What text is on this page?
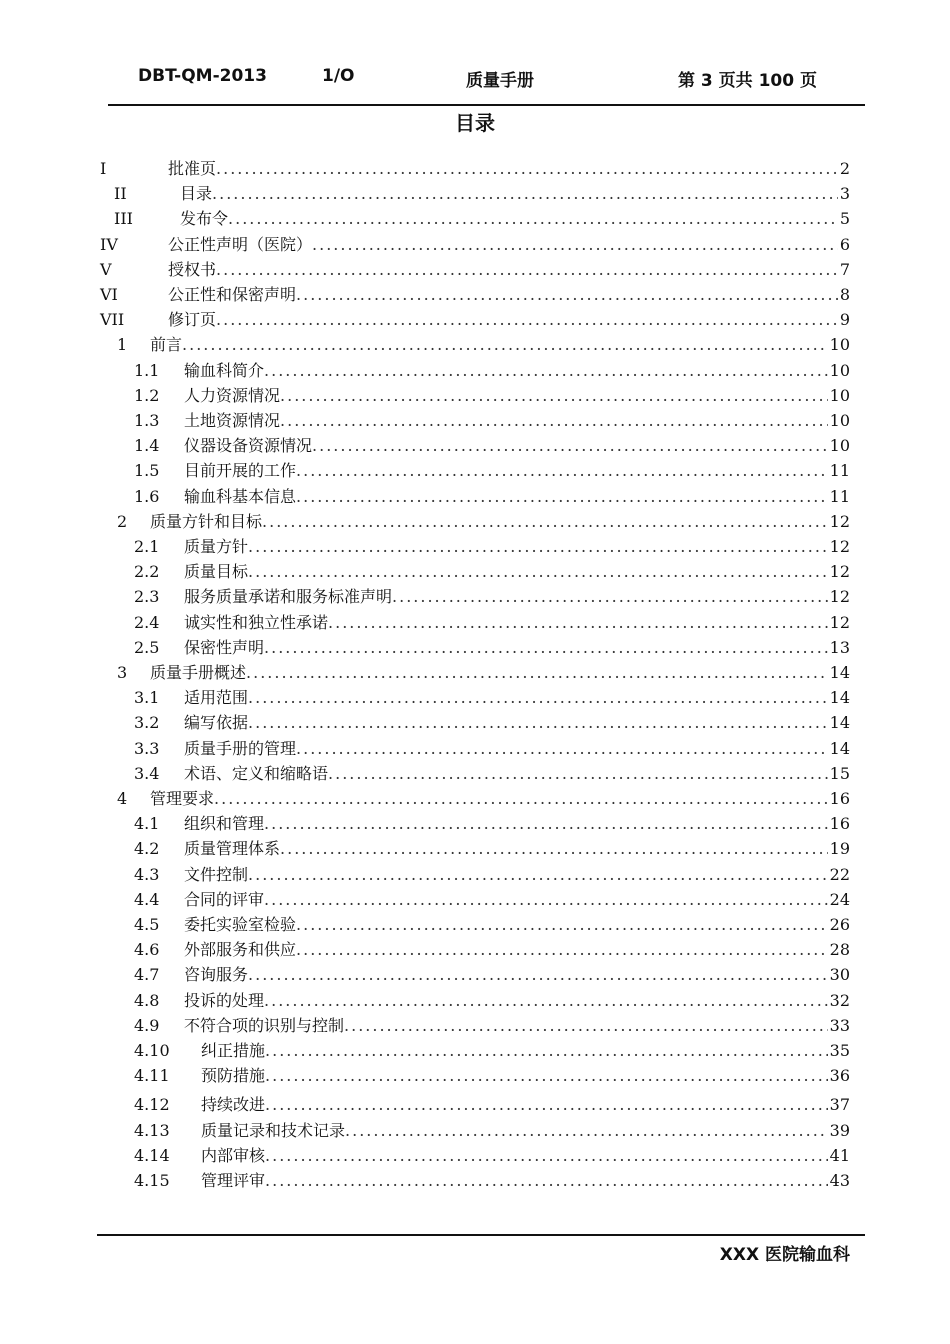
DBT-QM-2013	1/O	质量手册	第 3 页共 100 页
目录
I	批准页 .....	2
II	目录 .....	3
III	发布令 .....	5
IV	公正性声明（医院） .....	6
V	授权书 .....	7
VI	公正性和保密声明 .....	8
VII	修订页 .....	9
1	前言 .....	10
1.1	输血科简介 .....	10
1.2	人力资源情况 .....	10
1.3	土地资源情况 .....	10
1.4	仪器设备资源情况 .....	10
1.5	目前开展的工作 .....	11
1.6	输血科基本信息 .....	11
2	质量方针和目标 .....	12
2.1	质量方针 .....	12
2.2	质量目标 .....	12
2.3	服务质量承诺和服务标准声明 .....	12
2.4	诚实性和独立性承诺 .....	12
2.5	保密性声明 .....	13
3	质量手册概述 .....	14
3.1	适用范围 .....	14
3.2	编写依据 .....	14
3.3	质量手册的管理 .....	14
3.4	术语、定义和缩略语 .....	15
4	管理要求 .....	16
4.1	组织和管理 .....	16
4.2	质量管理体系 .....	19
4.3	文件控制 .....	22
4.4	合同的评审 .....	24
4.5	委托实验室检验 .....	26
4.6	外部服务和供应 .....	28
4.7	咨询服务 .....	30
4.8	投诉的处理 .....	32
4.9	不符合项的识别与控制 .....	33
4.10	纠正措施 .....	35
4.11	预防措施 .....	36
4.12	持续改进 .....	37
4.13	质量记录和技术记录 .....	39
4.14	内部审核 .....	41
4.15	管理评审 .....	43
XXX 医院输血科
